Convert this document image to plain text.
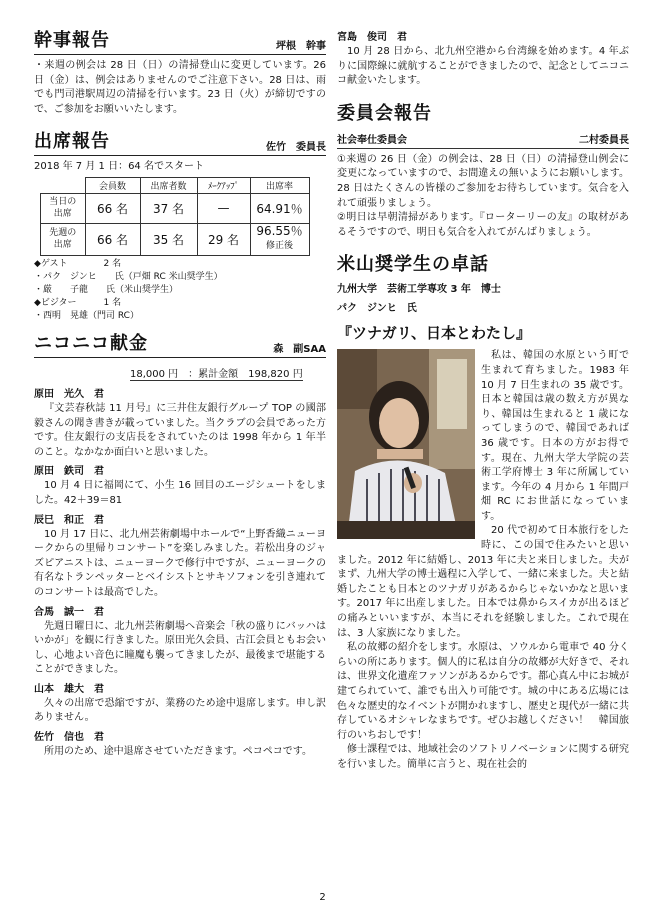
幹事報告	坪根　幹事

・来週の例会は 28 日（日）の清掃登山に変更しています。26 日（金）は、例会はありませんのでご注意下さい。28 日は、雨でも門司港駅周辺の清掃を行います。23 日（火）が締切ですので、ご参加をお願いいたします。

出席報告	佐竹　委員長

2018 年 7 月 1 日：64 名でスタート

	会員数	出席者数	ﾒｰｸｱｯﾌﾟ	出席率
当日の
出席	66 名	37 名	—	64.91％
先週の
出席	66 名	35 名	29 名	96.55％
修正後
◆ゲスト　　　　2 名
・パク　ジンヒ　　氏（戸畑 RC 米山奨学生）
・厳　　子龍　　氏（米山奨学生）
◆ビジター　　　1 名
・西明　晃雄（門司 RC）
ニコニコ献金	森　副SAA
18,000 円　：累計金額　198,820 円
原田　光久　君

『文芸春秋誌 11 月号』に三井住友銀行グループ TOP の國部毅さんの聞き書きが載っていました。当クラブの会員であった方です。住友銀行の支店長をされていたのは 1998 年から 1 年半のこと。なかなか面白いと思いました。

原田　鉄司　君

10 月 4 日に福岡にて、小生 16 回目のエージシュートをしました。42＋39＝81

辰巳　和正　君

10 月 17 日に、北九州芸術劇場中ホールで“上野香織ニューヨークからの里帰りコンサート”を楽しみました。若松出身のジャズピアニストは、ニューヨークで修行中ですが、ニューヨークの有名なトランペッターとベイシストとサキソフォンを引き連れてのコンサートは最高でした。

合馬　誠一　君

先週日曜日に、北九州芸術劇場へ音楽会「秋の盛りにバッハはいかが」を観に行きました。原田光久会員、古江会員ともお会いし、心地よい音色に瞳魔も襲ってきましたが、最後まで堪能することができました。

山本　雄大　君

久々の出席で恐縮ですが、業務のため途中退席します。申し訳ありません。

佐竹　信也　君

所用のため、途中退席させていただきます。ペコペコです。

宮島　俊司　君

10 月 28 日から、北九州空港から台湾線を始めます。4 年ぶりに国際線に就航することができましたので、記念としてニコニコ献金いたします。

委員会報告
社会奉仕委員会	二村委員長

①来週の 26 日（金）の例会は、28 日（日）の清掃登山例会に変更になっていますので、お間違えの無いようにお願いします。28 日はたくさんの皆様のご参加をお待ちしています。気合を入れて頑張りましょう。

②明日は早朝清掃があります。『ローターリーの友』の取材があるそうですので、明日も気合を入れてがんばりましょう。

米山奨学生の卓話
九州大学　芸術工学専攻 3 年　博士
パク　ジンヒ　氏
『ツナガリ、日本とわたし』

私は、韓国の水原という町で生まれて育ちました。1983 年 10 月 7 日生まれの 35 歳です。日本と韓国は歳の数え方が異なり、韓国は生まれると 1 歳になってしまうので、韓国であれば 36 歳です。日本の方がお得です。現在、九州大学大学院の芸術工学府博士 3 年に所属しています。今年の 4 月から 1 年間戸畑 RC にお世話になっています。

20 代で初めて日本旅行をした時に、この国で住みたいと思いました。2012 年に結婚し、2013 年に夫と来日しました。夫がまず、九州大学の博士過程に入学して、一緒に来ました。夫と結婚したことも日本とのツナガリがあるからじゃないかなと思います。2017 年に出産しました。日本では鼻からスイカが出るほどの痛みといいますが、本当にそれを経験しました。これで現在は、3 人家族になりました。

私の故郷の紹介をします。水原は、ソウルから電車で 40 分くらいの所にあります。個人的に私は自分の故郷が大好きで、それは、世界文化遺産ファソンがあるからです。都心真ん中にお城が建てられていて、誰でも出入り可能です。城の中にある広場には色々な歴史的なイベントが開かれますし、歴史と現代が一緒に共存しているオシャレなまちです。ぜひお越しください！　韓国旅行のいちおしです！

修士課程では、地域社会のソフトリノベーションに関する研究を行いました。簡単に言うと、現在社会的

2
